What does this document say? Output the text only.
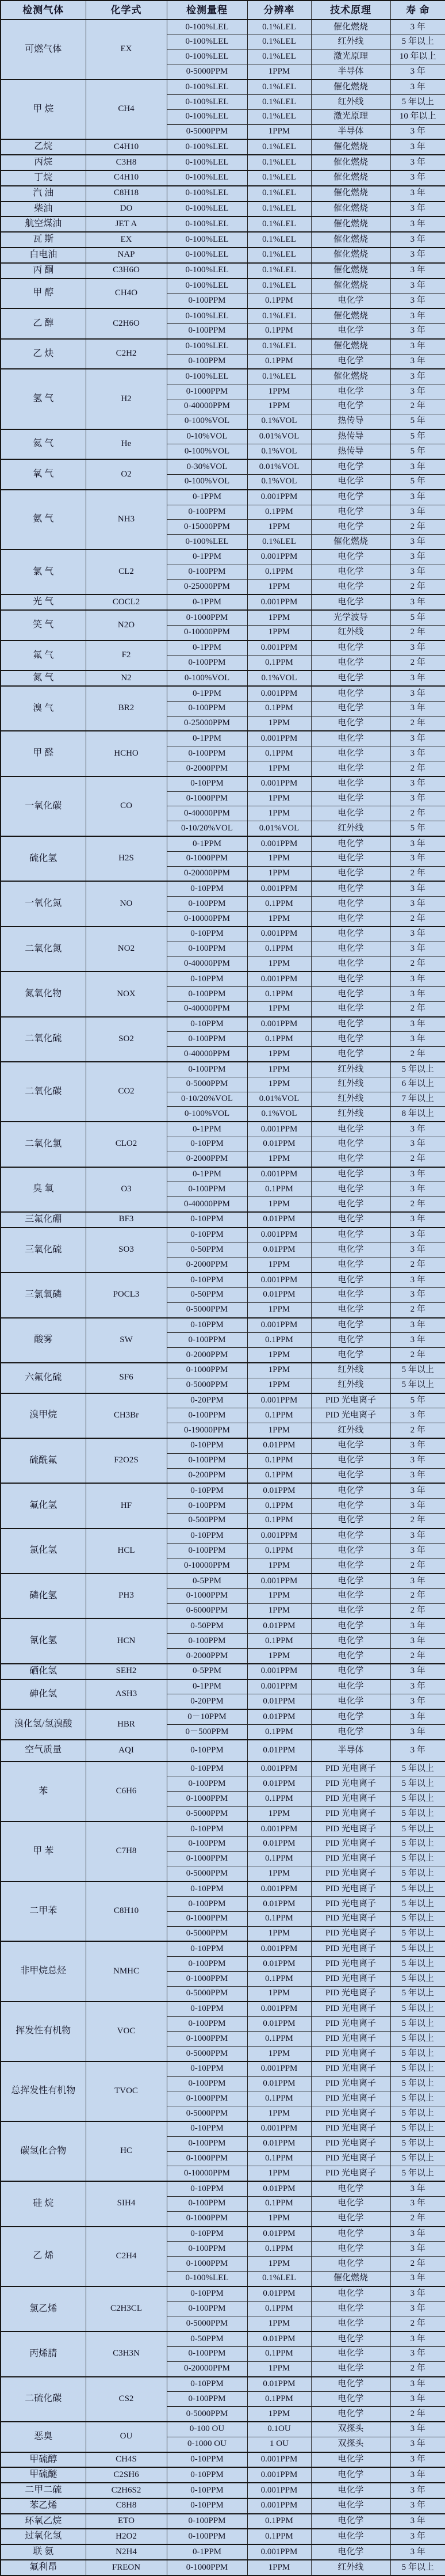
检测气体	化学式	检测量程	分辨率	技术原理	寿 命
可燃气体	EX	0-100%LEL	0.1%LEL	催化燃烧	3 年
		0-100%LEL	0.1%LEL	红外线	5 年以上
		0-100%LEL	0.1%LEL	激光原理	10 年以上
		0-5000PPM	1PPM	半导体	3 年
甲 烷	CH4	0-100%LEL	0.1%LEL	催化燃烧	3 年
		0-100%LEL	0.1%LEL	红外线	5 年以上
		0-100%LEL	0.1%LEL	激光原理	10 年以上
		0-5000PPM	1PPM	半导体	3 年
乙烷	C4H10	0-100%LEL	0.1%LEL	催化燃烧	3 年
丙烷	C3H8	0-100%LEL	0.1%LEL	催化燃烧	3 年
丁烷	C4H10	0-100%LEL	0.1%LEL	催化燃烧	3 年
汽 油	C8H18	0-100%LEL	0.1%LEL	催化燃烧	3 年
柴油	DO	0-100%LEL	0.1%LEL	催化燃烧	3 年
航空煤油	JET A	0-100%LEL	0.1%LEL	催化燃烧	3 年
瓦 斯	EX	0-100%LEL	0.1%LEL	催化燃烧	3 年
白电油	NAP	0-100%LEL	0.1%LEL	催化燃烧	3 年
丙 酮	C3H6O	0-100%LEL	0.1%LEL	催化燃烧	3 年
甲 醇	CH4O	0-100%LEL	0.1%LEL	催化燃烧	3 年
		0-100PPM	0.1PPM	电化学	3 年
乙 醇	C2H6O	0-100%LEL	0.1%LEL	催化燃烧	3 年
		0-100PPM	0.1PPM	电化学	3 年
乙 炔	C2H2	0-100%LEL	0.1%LEL	催化燃烧	3 年
		0-100PPM	0.1PPM	电化学	3 年
氢 气	H2	0-100%LEL	0.1%LEL	催化燃烧	3 年
		0-1000PPM	1PPM	电化学	3 年
		0-40000PPM	1PPM	电化学	2 年
		0-100%VOL	0.1%VOL	热传导	5 年
氦 气	He	0-10%VOL	0.01%VOL	热传导	5 年
		0-100%VOL	0.1%VOL	热传导	5 年
氧 气	O2	0-30%VOL	0.01%VOL	电化学	3 年
		0-100%VOL	0.1%VOL	电化学	5 年
氨 气	NH3	0-1PPM	0.001PPM	电化学	3 年
		0-100PPM	0.1PPM	电化学	3 年
		0-15000PPM	1PPM	电化学	2 年
		0-100%LEL	0.1%LEL	催化燃烧	3 年
氯 气	CL2	0-1PPM	0.001PPM	电化学	3 年
		0-100PPM	0.1PPM	电化学	3 年
		0-25000PPM	1PPM	电化学	2 年
光 气	COCL2	0-1PPM	0.001PPM	电化学	3 年
笑 气	N2O	0-1000PPM	1PPM	光学波导	5 年
		0-10000PPM	1PPM	红外线	2 年
氟 气	F2	0-1PPM	0.001PPM	电化学	3 年
		0-100PPM	0.1PPM	电化学	2 年
氮 气	N2	0-100%VOL	0.1%VOL	电化学	3 年
溴 气	BR2	0-1PPM	0.001PPM	电化学	3 年
		0-100PPM	0.1PPM	电化学	3 年
		0-25000PPM	1PPM	电化学	2 年
甲 醛	HCHO	0-1PPM	0.001PPM	电化学	3 年
		0-100PPM	0.1PPM	电化学	3 年
		0-2000PPM	1PPM	电化学	2 年
一氧化碳	CO	0-10PPM	0.001PPM	电化学	3 年
		0-1000PPM	1PPM	电化学	3 年
		0-40000PPM	1PPM	电化学	2 年
		0-10/20%VOL	0.01%VOL	红外线	5 年
硫化氢	H2S	0-1PPM	0.001PPM	电化学	3 年
		0-1000PPM	1PPM	电化学	3 年
		0-20000PPM	1PPM	电化学	2 年
一氧化氮	NO	0-10PPM	0.001PPM	电化学	3 年
		0-100PPM	0.1PPM	电化学	3 年
		0-10000PPM	1PPM	电化学	2 年
二氧化氮	NO2	0-10PPM	0.001PPM	电化学	3 年
		0-100PPM	0.1PPM	电化学	3 年
		0-40000PPM	1PPM	电化学	2 年
氮氧化物	NOX	0-10PPM	0.001PPM	电化学	3 年
		0-100PPM	0.1PPM	电化学	3 年
		0-40000PPM	1PPM	电化学	2 年
二氧化硫	SO2	0-10PPM	0.001PPM	电化学	3 年
		0-100PPM	0.1PPM	电化学	3 年
		0-40000PPM	1PPM	电化学	2 年
二氧化碳	CO2	0-100PPM	1PPM	红外线	5 年以上
		0-5000PPM	1PPM	红外线	6 年以上
		0-10/20%VOL	0.01%VOL	红外线	7 年以上
		0-100%VOL	0.1%VOL	红外线	8 年以上
二氧化氯	CLO2	0-1PPM	0.001PPM	电化学	3 年
		0-10PPM	0.01PPM	电化学	3 年
		0-2000PPM	1PPM	电化学	2 年
臭 氧	O3	0-1PPM	0.001PPM	电化学	3 年
		0-100PPM	0.1PPM	电化学	3 年
		0-40000PPM	1PPM	电化学	2 年
三氟化硼	BF3	0-10PPM	0.01PPM	电化学	3 年
三氧化硫	SO3	0-10PPM	0.001PPM	电化学	3 年
		0-50PPM	0.01PPM	电化学	3 年
		0-2000PPM	1PPM	电化学	2 年
三氯氧磷	POCL3	0-10PPM	0.001PPM	电化学	3 年
		0-50PPM	0.01PPM	电化学	3 年
		0-5000PPM	1PPM	电化学	2 年
酸雾	SW	0-10PPM	0.001PPM	电化学	3 年
		0-100PPM	0.1PPM	电化学	3 年
		0-2000PPM	1PPM	电化学	2 年
六氟化硫	SF6	0-1000PPM	1PPM	红外线	5 年以上
		0-5000PPM	1PPM	红外线	5 年以上
溴甲烷	CH3Br	0-20PPM	0.001PPM	PID 光电离子	5 年
		0-100PPM	0.1PPM	PID 光电离子	3 年
		0-19000PPM	1PPM	红外线	2 年
硫酰氟	F2O2S	0-10PPM	0.01PPM	电化学	3 年
		0-100PPM	0.1PPM	电化学	3 年
		0-200PPM	0.1PPM	电化学	3 年
氟化氢	HF	0-10PPM	0.01PPM	电化学	3 年
		0-100PPM	0.1PPM	电化学	3 年
		0-500PPM	0.1PPM	电化学	2 年
氯化氢	HCL	0-10PPM	0.001PPM	电化学	3 年
		0-100PPM	0.1PPM	电化学	3 年
		0-10000PPM	1PPM	电化学	2 年
磷化氢	PH3	0-5PPM	0.001PPM	电化学	3 年
		0-1000PPM	1PPM	电化学	2 年
		0-6000PPM	1PPM	电化学	2 年
氰化氢	HCN	0-50PPM	0.01PPM	电化学	3 年
		0-100PPM	0.1PPM	电化学	3 年
		0-2000PPM	1PPM	电化学	2 年
硒化氢	SEH2	0-5PPM	0.001PPM	电化学	3 年
砷化氢	ASH3	0-1PPM	0.001PPM	电化学	3 年
		0-20PPM	0.01PPM	电化学	3 年
溴化氢/氢溴酸	HBR	0－10PPM	0.01PPM	电化学	3 年
		0－500PPM	0.1PPM	电化学	3 年
空气质量	AQI	0-10PPM	0.01PPM	半导体	3 年
苯	C6H6	0-10PPM	0.001PPM	PID 光电离子	5 年以上
		0-100PPM	0.01PPM	PID 光电离子	5 年以上
		0-1000PPM	0.1PPM	PID 光电离子	5 年以上
		0-5000PPM	1PPM	PID 光电离子	5 年以上
甲 苯	C7H8	0-10PPM	0.001PPM	PID 光电离子	5 年以上
		0-100PPM	0.01PPM	PID 光电离子	5 年以上
		0-1000PPM	0.1PPM	PID 光电离子	5 年以上
		0-5000PPM	1PPM	PID 光电离子	5 年以上
二甲苯	C8H10	0-10PPM	0.001PPM	PID 光电离子	5 年以上
		0-100PPM	0.01PPM	PID 光电离子	5 年以上
		0-1000PPM	0.1PPM	PID 光电离子	5 年以上
		0-5000PPM	1PPM	PID 光电离子	5 年以上
非甲烷总烃	NMHC	0-10PPM	0.001PPM	PID 光电离子	5 年以上
		0-100PPM	0.01PPM	PID 光电离子	5 年以上
		0-1000PPM	0.1PPM	PID 光电离子	5 年以上
		0-5000PPM	1PPM	PID 光电离子	5 年以上
挥发性有机物	VOC	0-10PPM	0.001PPM	PID 光电离子	5 年以上
		0-100PPM	0.01PPM	PID 光电离子	5 年以上
		0-1000PPM	0.1PPM	PID 光电离子	5 年以上
		0-5000PPM	1PPM	PID 光电离子	5 年以上
总挥发性有机物	TVOC	0-10PPM	0.001PPM	PID 光电离子	5 年以上
		0-100PPM	0.01PPM	PID 光电离子	5 年以上
		0-1000PPM	0.1PPM	PID 光电离子	5 年以上
		0-5000PPM	1PPM	PID 光电离子	5 年以上
碳氢化合物	HC	0-10PPM	0.001PPM	PID 光电离子	5 年以上
		0-100PPM	0.01PPM	PID 光电离子	5 年以上
		0-1000PPM	0.1PPM	PID 光电离子	5 年以上
		0-10000PPM	1PPM	PID 光电离子	5 年以上
硅 烷	SIH4	0-10PPM	0.01PPM	电化学	3 年
		0-100PPM	0.1PPM	电化学	3 年
		0-1000PPM	1PPM	电化学	2 年
乙 烯	C2H4	0-10PPM	0.01PPM	电化学	3 年
		0-100PPM	0.1PPM	电化学	3 年
		0-1000PPM	1PPM	电化学	2 年
		0-100%LEL	0.1%LEL	催化燃烧	3 年
氯乙烯	C2H3CL	0-10PPM	0.01PPM	电化学	3 年
		0-100PPM	0.1PPM	电化学	3 年
		0-5000PPM	1PPM	电化学	2 年
丙烯腈	C3H3N	0-50PPM	0.01PPM	电化学	3 年
		0-100PPM	0.1PPM	电化学	3 年
		0-20000PPM	1PPM	电化学	2 年
二硫化碳	CS2	0-10PPM	0.01PPM	电化学	3 年
		0-100PPM	0.1PPM	电化学	3 年
		0-5000PPM	1PPM	电化学	2 年
恶臭	OU	0-100 OU	0.1OU	双探头	3 年
		0-1000 OU	1 OU	双探头	3 年
甲硫醇	CH4S	0-10PPM	0.001PPM	电化学	3 年
甲硫醚	C2SH6	0-10PPM	0.001PPM	电化学	3 年
二甲二硫	C2H6S2	0-10PPM	0.001PPM	电化学	3 年
苯乙烯	C8H8	0-10PPM	0.001PPM	电化学	3 年
环氧乙烷	ETO	0-100PPM	0.1PPM	电化学	3 年
过氧化氢	H2O2	0-100PPM	0.1PPM	电化学	3 年
联 氨	N2H4	0-1PPM	0.001PPM	电化学	3 年
氟利昂	FREON	0-1000PPM	1PPM	红外线	5 年以上
